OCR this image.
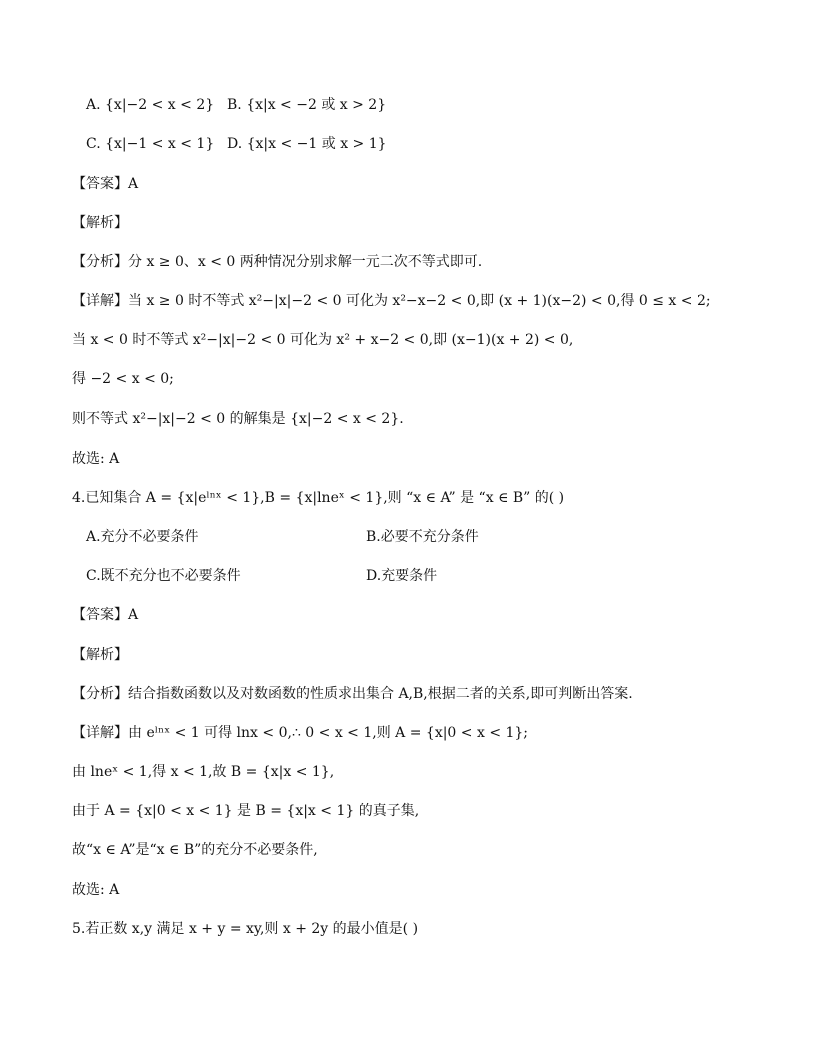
A. {x|−2 < x < 2} B. {x|x < −2 或 x > 2}
C. {x|−1 < x < 1} D. {x|x < −1 或 x > 1}
【答案】A
【解析】
【分析】分 x ≥ 0、x < 0 两种情况分别求解一元二次不等式即可.
【详解】当 x ≥ 0 时不等式 x²−|x|−2 < 0 可化为 x²−x−2 < 0,即 (x + 1)(x−2) < 0,得 0 ≤ x < 2;
当 x < 0 时不等式 x²−|x|−2 < 0 可化为 x² + x−2 < 0,即 (x−1)(x + 2) < 0,
得 −2 < x < 0;
则不等式 x²−|x|−2 < 0 的解集是 {x|−2 < x < 2}.
故选: A
4.已知集合 A = {x|eˡⁿˣ < 1},B = {x|lneˣ < 1},则 “x ∈ A” 是 “x ∈ B” 的( )
A.充分不必要条件	B.必要不充分条件
C.既不充分也不必要条件	D.充要条件
【答案】A
【解析】
【分析】结合指数函数以及对数函数的性质求出集合 A,B,根据二者的关系,即可判断出答案.
【详解】由 eˡⁿˣ < 1 可得 lnx < 0,∴ 0 < x < 1,则 A = {x|0 < x < 1};
由 lneˣ < 1,得 x < 1,故 B = {x|x < 1},
由于 A = {x|0 < x < 1} 是 B = {x|x < 1} 的真子集,
故“x ∈ A”是“x ∈ B”的充分不必要条件,
故选: A
5.若正数 x,y 满足 x + y = xy,则 x + 2y 的最小值是( )
